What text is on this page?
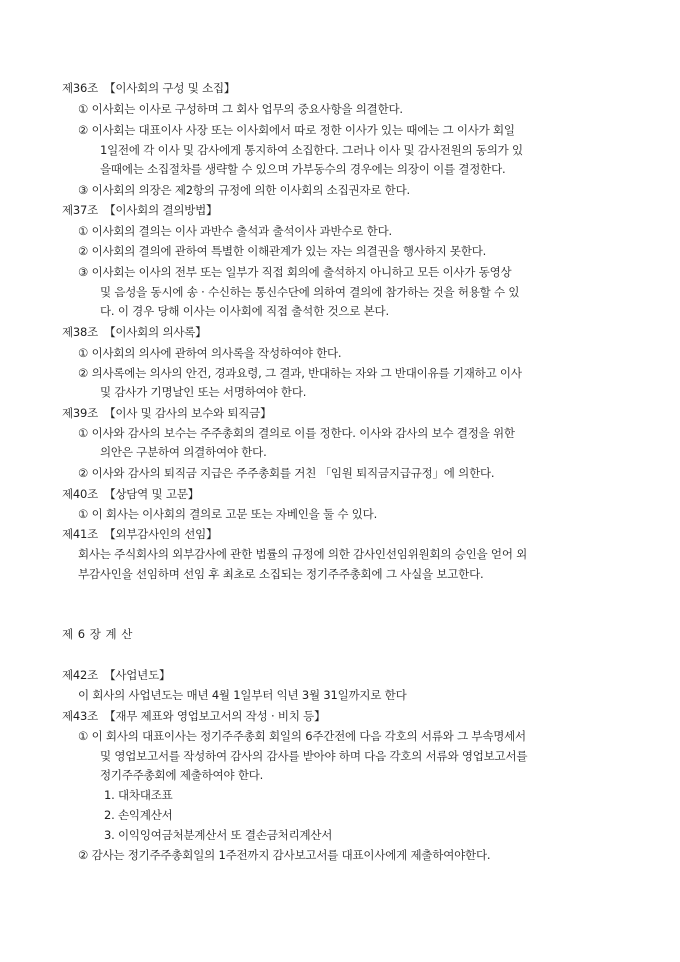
제36조 【이사회의 구성 및 소집】
① 이사회는 이사로 구성하며 그 회사 업무의 중요사항을 의결한다.
② 이사회는 대표이사 사장 또는 이사회에서 따로 정한 이사가 있는 때에는 그 이사가 회일
1일전에 각 이사 및 감사에게 통지하여 소집한다. 그러나 이사 및 감사전원의 동의가 있
을때에는 소집절차를 생략할 수 있으며 가부동수의 경우에는 의장이 이를 결정한다.
③ 이사회의 의장은 제2항의 규정에 의한 이사회의 소집권자로 한다.
제37조 【이사회의 결의방법】
① 이사회의 결의는 이사 과반수 출석과 출석이사 과반수로 한다.
② 이사회의 결의에 관하여 특별한 이해관계가 있는 자는 의결권을 행사하지 못한다.
③ 이사회는 이사의 전부 또는 일부가 직접 회의에 출석하지 아니하고 모든 이사가 동영상
및 음성을 동시에 송 · 수신하는 통신수단에 의하여 결의에 참가하는 것을 허용할 수 있
다. 이 경우 당해 이사는 이사회에 직접 출석한 것으로 본다.
제38조 【이사회의 의사록】
① 이사회의 의사에 관하여 의사록을 작성하여야 한다.
② 의사록에는 의사의 안건, 경과요령, 그 결과, 반대하는 자와 그 반대이유를 기재하고 이사
및 감사가 기명날인 또는 서명하여야 한다.
제39조 【이사 및 감사의 보수와 퇴직금】
① 이사와 감사의 보수는 주주총회의 결의로 이를 정한다. 이사와 감사의 보수 결정을 위한
의안은 구분하여 의결하여야 한다.
② 이사와 감사의 퇴직금 지급은 주주총회를 거친 「임원 퇴직금지급규정」에 의한다.
제40조 【상담역 및 고문】
① 이 회사는 이사회의 결의로 고문 또는 자베인을 둘 수 있다.
제41조 【외부감사인의 선임】
회사는 주식회사의 외부감사에 관한 법률의 규정에 의한 감사인선임위원회의 승인을 얻어 외
부감사인을 선임하며 선임 후 최초로 소집되는 정기주주총회에 그 사실을 보고한다.
제 6 장 계 산
제42조 【사업년도】
이 회사의 사업년도는 매년 4월 1일부터 익년 3월 31일까지로 한다
제43조 【재무 제표와 영업보고서의 작성 · 비치 등】
① 이 회사의 대표이사는 정기주주총회 회일의 6주간전에 다음 각호의 서류와 그 부속명세서
및 영업보고서를 작성하여 감사의 감사를 받아야 하며 다음 각호의 서류와 영업보고서를
정기주주총회에 제출하여야 한다.
1. 대차대조표
2. 손익계산서
3. 이익잉여금처분계산서 또 결손금처리계산서
② 감사는 정기주주총회일의 1주전까지 감사보고서를 대표이사에게 제출하여야한다.
